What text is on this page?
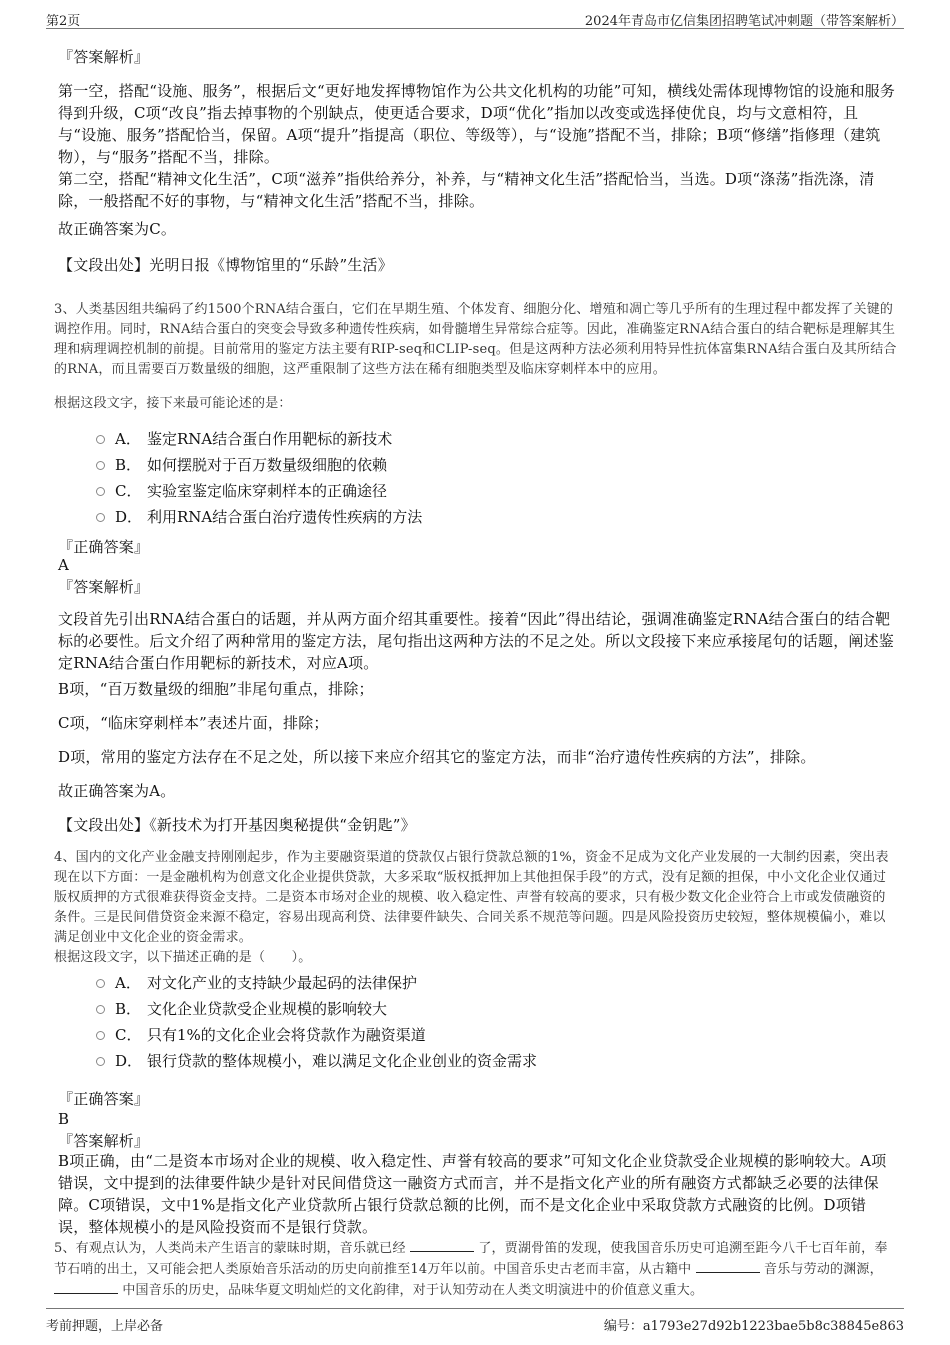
第2页	2024年青岛市亿信集团招聘笔试冲刺题（带答案解析）

『答案解析』

第一空，搭配“设施、服务”，根据后文“更好地发挥博物馆作为公共文化机构的功能”可知，横线处需体现博物馆的设施和服务得到升级，C项“改良”指去掉事物的个别缺点，使更适合要求，D项“优化”指加以改变或选择使优良，均与文意相符，且与“设施、服务”搭配恰当，保留。A项“提升”指提高（职位、等级等），与“设施”搭配不当，排除；B项“修缮”指修理（建筑物），与“服务”搭配不当，排除。

第二空，搭配“精神文化生活”，C项“滋养”指供给养分，补养，与“精神文化生活”搭配恰当，当选。D项“涤荡”指洗涤，清除，一般搭配不好的事物，与“精神文化生活”搭配不当，排除。

故正确答案为C。

【文段出处】光明日报《博物馆里的“乐龄”生活》

3、人类基因组共编码了约1500个RNA结合蛋白，它们在早期生殖、个体发育、细胞分化、增殖和凋亡等几乎所有的生理过程中都发挥了关键的调控作用。同时，RNA结合蛋白的突变会导致多种遗传性疾病，如骨髓增生异常综合症等。因此，准确鉴定RNA结合蛋白的结合靶标是理解其生理和病理调控机制的前提。目前常用的鉴定方法主要有RIP-seq和CLIP-seq。但是这两种方法必须利用特异性抗体富集RNA结合蛋白及其所结合的RNA，而且需要百万数量级的细胞，这严重限制了这些方法在稀有细胞类型及临床穿刺样本中的应用。

根据这段文字，接下来最可能论述的是：

A． 鉴定RNA结合蛋白作用靶标的新技术
B． 如何摆脱对于百万数量级细胞的依赖
C． 实验室鉴定临床穿刺样本的正确途径
D． 利用RNA结合蛋白治疗遗传性疾病的方法

『正确答案』

A

『答案解析』

文段首先引出RNA结合蛋白的话题，并从两方面介绍其重要性。接着“因此”得出结论，强调准确鉴定RNA结合蛋白的结合靶标的必要性。后文介绍了两种常用的鉴定方法，尾句指出这两种方法的不足之处。所以文段接下来应承接尾句的话题，阐述鉴定RNA结合蛋白作用靶标的新技术，对应A项。

B项，“百万数量级的细胞”非尾句重点，排除；

C项，“临床穿刺样本”表述片面，排除；

D项，常用的鉴定方法存在不足之处，所以接下来应介绍其它的鉴定方法，而非“治疗遗传性疾病的方法”，排除。

故正确答案为A。

【文段出处】《新技术为打开基因奥秘提供“金钥匙”》

4、国内的文化产业金融支持刚刚起步，作为主要融资渠道的贷款仅占银行贷款总额的1%，资金不足成为文化产业发展的一大制约因素，突出表现在以下方面：一是金融机构为创意文化企业提供贷款，大多采取“版权抵押加上其他担保手段”的方式，没有足额的担保，中小文化企业仅通过版权质押的方式很难获得资金支持。二是资本市场对企业的规模、收入稳定性、声誉有较高的要求，只有极少数文化企业符合上市或发债融资的条件。三是民间借贷资金来源不稳定，容易出现高利贷、法律要件缺失、合同关系不规范等问题。四是风险投资历史较短，整体规模偏小，难以满足创业中文化企业的资金需求。

根据这段文字，以下描述正确的是（　　）。

A． 对文化产业的支持缺少最起码的法律保护
B． 文化企业贷款受企业规模的影响较大
C． 只有1%的文化企业会将贷款作为融资渠道
D． 银行贷款的整体规模小，难以满足文化企业创业的资金需求

『正确答案』

B

『答案解析』

B项正确，由“二是资本市场对企业的规模、收入稳定性、声誉有较高的要求”可知文化企业贷款受企业规模的影响较大。A项错误，文中提到的法律要件缺少是针对民间借贷这一融资方式而言，并不是指文化产业的所有融资方式都缺乏必要的法律保障。C项错误，文中1%是指文化产业贷款所占银行贷款总额的比例，而不是文化企业中采取贷款方式融资的比例。D项错误，整体规模小的是风险投资而不是银行贷款。

5、有观点认为，人类尚未产生语言的蒙昧时期，音乐就已经	了，贾湖骨笛的发现，使我国音乐历史可追溯至距今八千七百年前，奉节石哨的出土，又可能会把人类原始音乐活动的历史向前推至14万年以前。中国音乐史古老而丰富，从古籍中	音乐与劳动的渊源，  中国音乐的历史，品味华夏文明灿烂的文化韵律，对于认知劳动在人类文明演进中的价值意义重大。

考前押题，上岸必备	编号：a1793e27d92b1223bae5b8c38845e863
